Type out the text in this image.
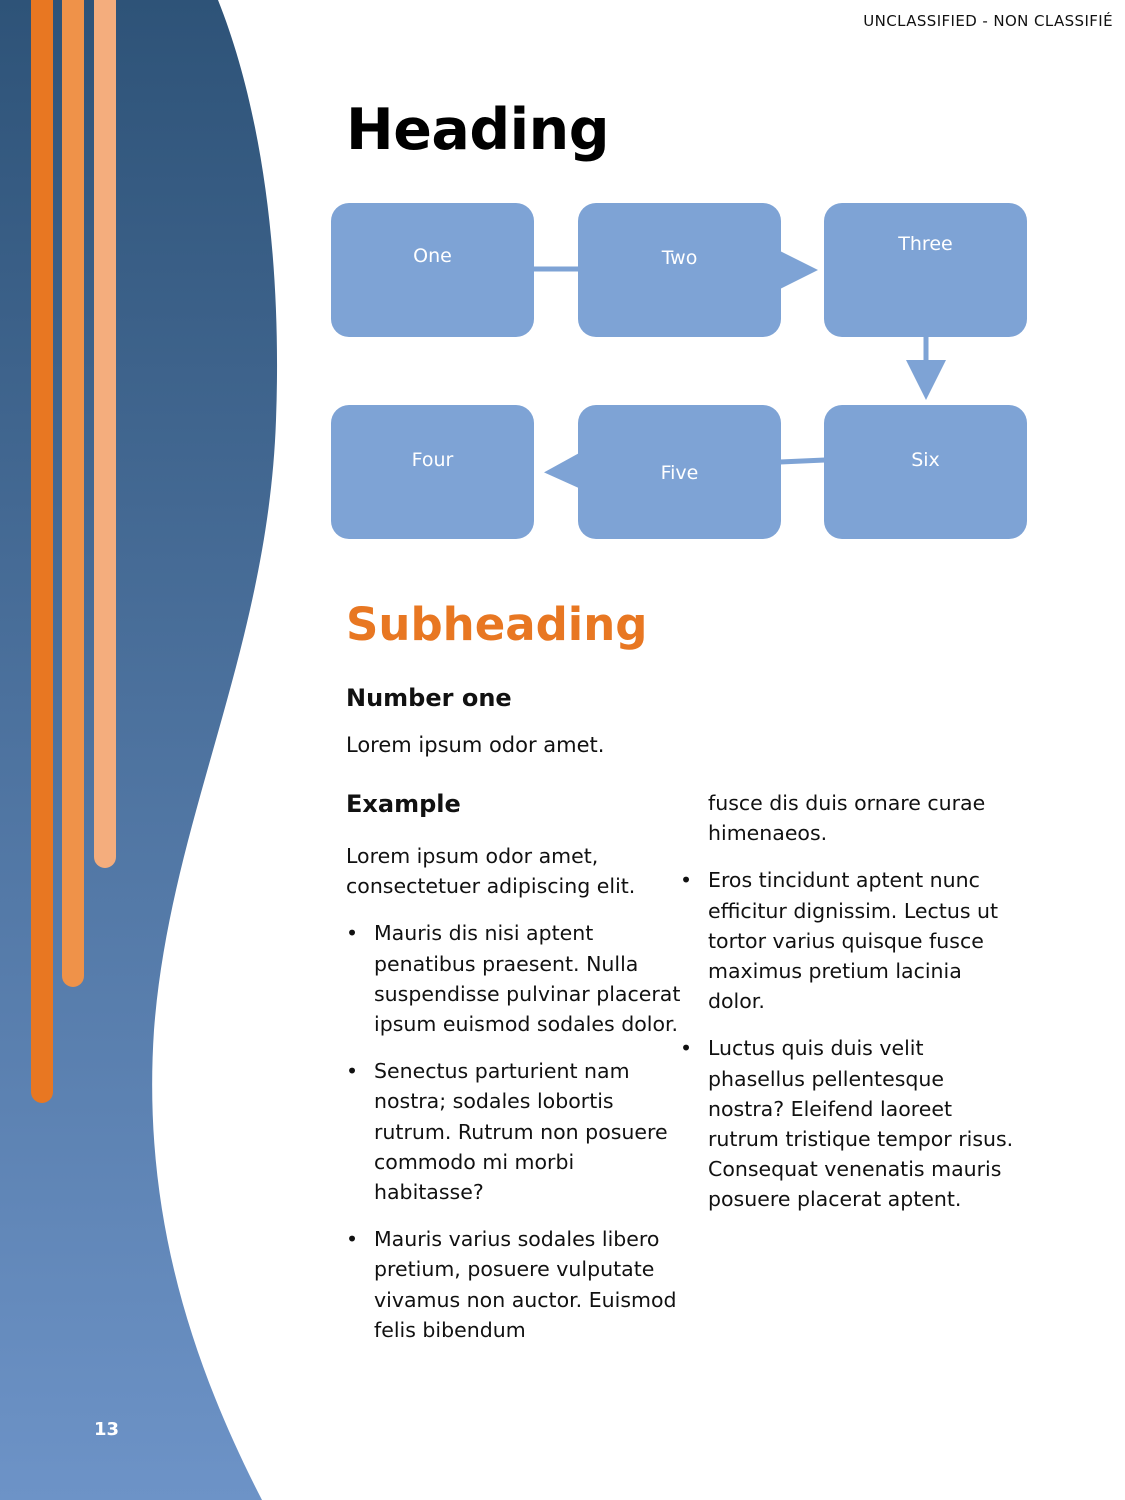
UNCLASSIFIED - NON CLASSIFIÉ
13
Heading
One	Two
Three
Four
Five
Six
Subheading
Number one

Lorem ipsum odor amet.

Example

Lorem ipsum odor amet, consectetuer adipiscing elit.

• Mauris dis nisi aptent penatibus praesent. Nulla suspendisse pulvinar placerat ipsum euismod sodales dolor.
• Senectus parturient nam nostra; sodales lobortis rutrum. Rutrum non posuere commodo mi morbi habitasse?
• Mauris varius sodales libero pretium, posuere vulputate vivamus non auctor. Euismod felis bibendum

fusce dis duis ornare curae himenaeos.

• Eros tincidunt aptent nunc efficitur dignissim. Lectus ut tortor varius quisque fusce maximus pretium lacinia dolor.
• Luctus quis duis velit phasellus pellentesque nostra? Eleifend laoreet rutrum tristique tempor risus. Consequat venenatis mauris posuere placerat aptent.
